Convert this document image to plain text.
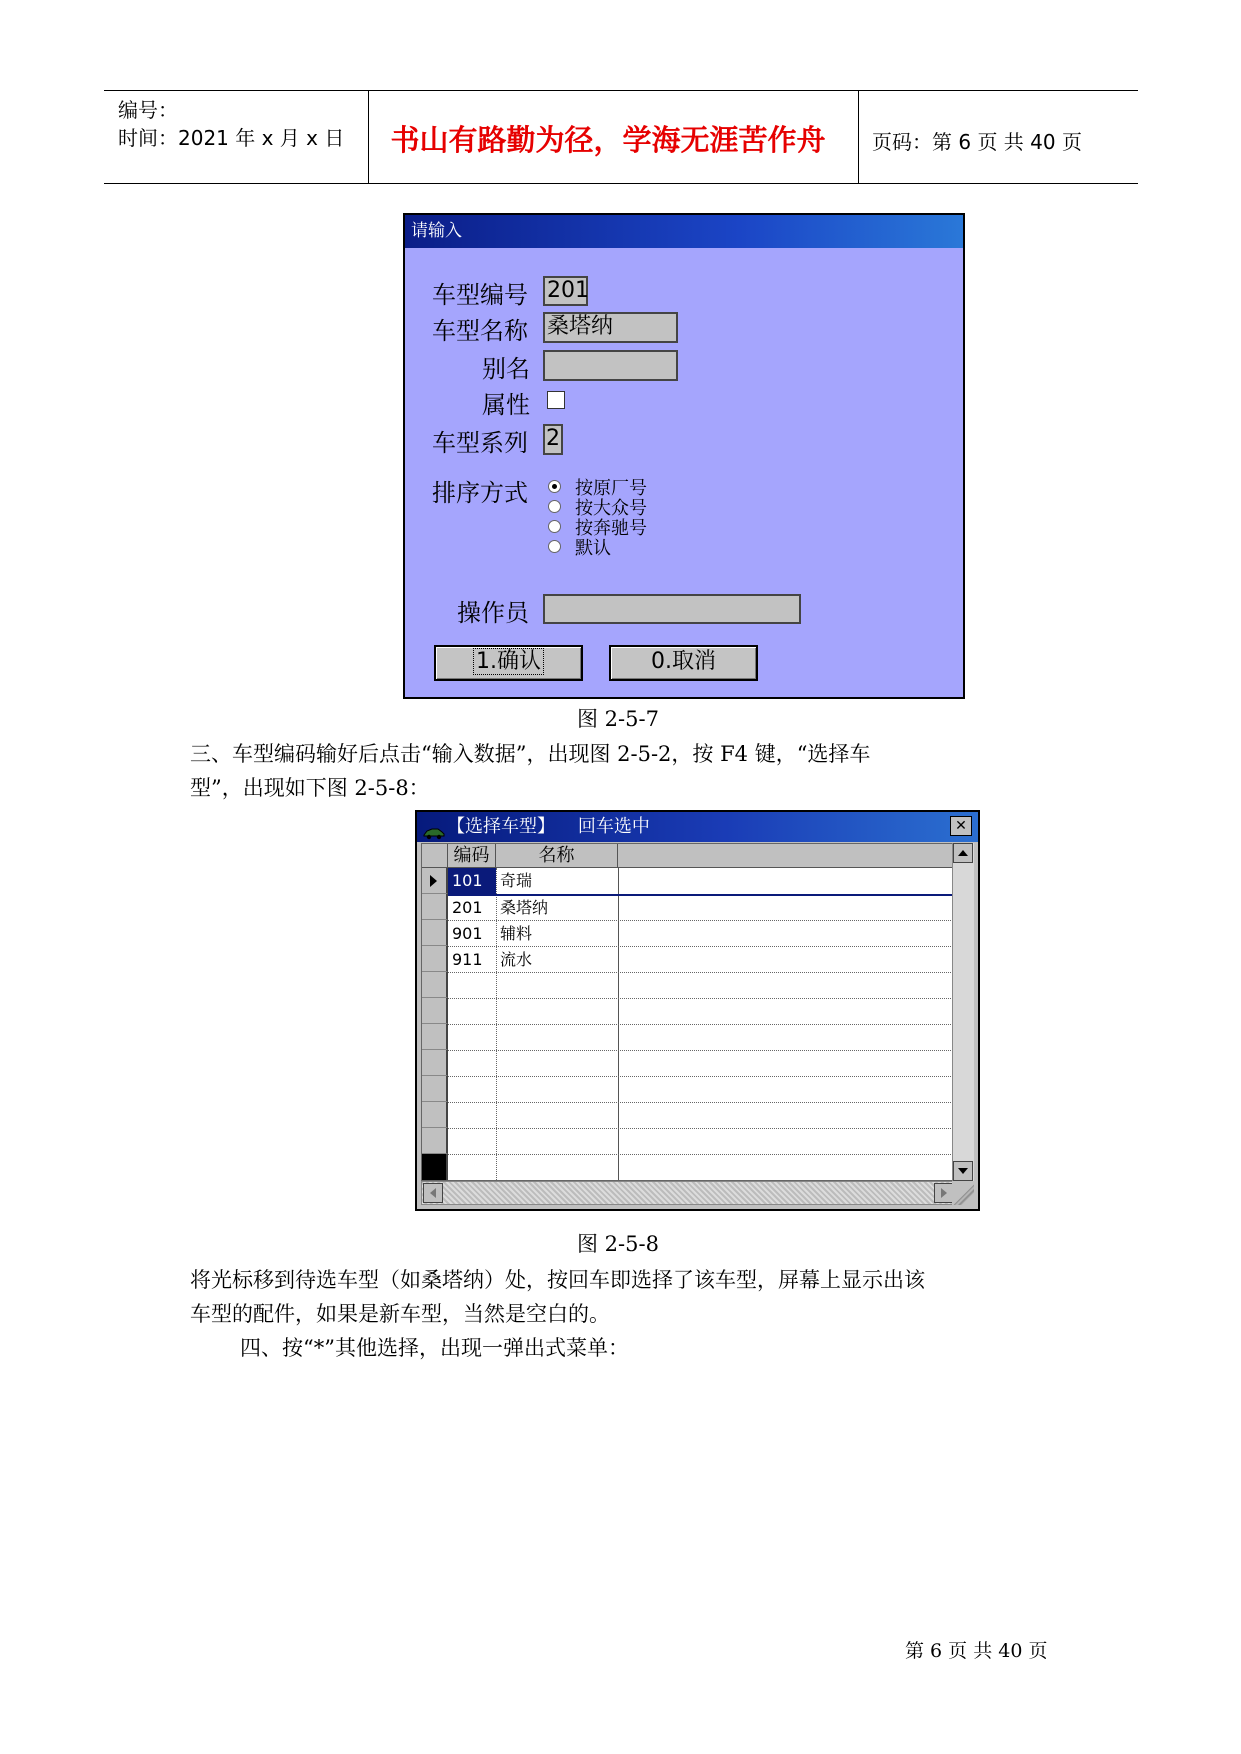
编号：
时间：2021 年 x 月 x 日	书山有路勤为径，学海无涯苦作舟	页码：第 6 页 共 40 页
请输入
车型编号 201
车型名称 桑塔纳
别名
属性
车型系列 2
排序方式	按原厂号
按大众号
按奔驰号
默认
操作员
1.确认	0.取消
图 2-5-7
三、车型编码输好后点击“输入数据”，出现图 2-5-2，按 F4 键，“选择车
型”，出现如下图 2-5-8：
【选择车型】    回车选中	✕
编码	名称
101	奇瑞
201	桑塔纳
901	辅料
911	流水
图 2-5-8
将光标移到待选车型（如桑塔纳）处，按回车即选择了该车型，屏幕上显示出该
车型的配件，如果是新车型，当然是空白的。
四、按“*”其他选择，出现一弹出式菜单：
第 6 页 共 40 页
